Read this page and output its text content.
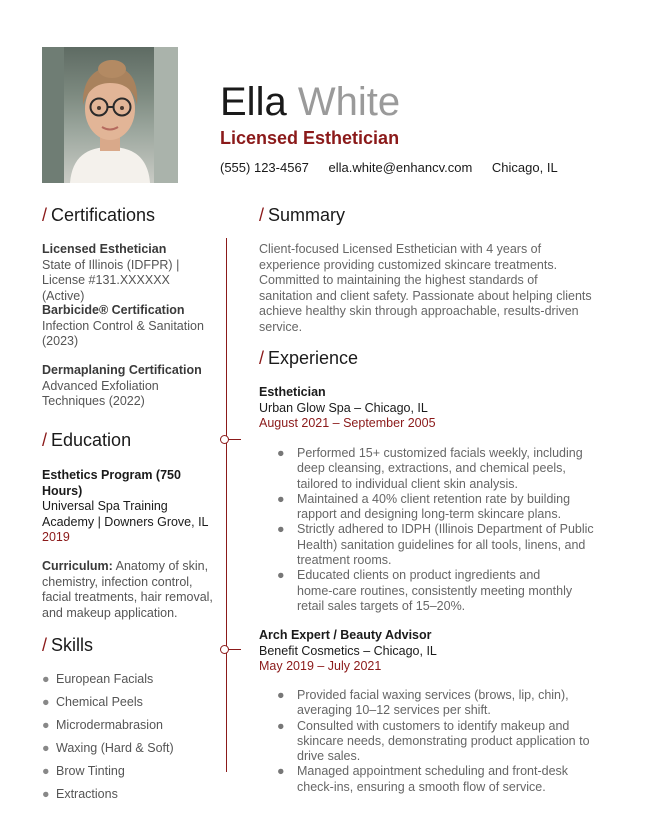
Ella White
Licensed Esthetician
(555) 123-4567 ella.white@enhancv.com Chicago, IL
/ Certifications
Licensed Esthetician
State of Illinois (IDFPR) |
License #131.XXXXXX (Active)
Barbicide® Certification
Infection Control & Sanitation
(2023)
Dermaplaning Certification
Advanced Exfoliation
Techniques (2022)
/ Education
Esthetics Program (750
Hours)
Universal Spa Training
Academy | Downers Grove, IL
2019
Curriculum: Anatomy of skin,
chemistry, infection control,
facial treatments, hair removal,
and makeup application.
/ Skills
● European Facials
● Chemical Peels
● Microdermabrasion
● Waxing (Hard & Soft)
● Brow Tinting
● Extractions
/ Summary
Client-focused Licensed Esthetician with 4 years of
experience providing customized skincare treatments.
Committed to maintaining the highest standards of
sanitation and client safety. Passionate about helping clients
achieve healthy skin through approachable, results-driven
service.
/ Experience
Esthetician
Urban Glow Spa – Chicago, IL
August 2021 – September 2005
● Performed 15+ customized facials weekly, including
deep cleansing, extractions, and chemical peels,
tailored to individual client skin analysis.
● Maintained a 40% client retention rate by building
rapport and designing long-term skincare plans.
● Strictly adhered to IDPH (Illinois Department of Public
Health) sanitation guidelines for all tools, linens, and
treatment rooms.
● Educated clients on product ingredients and
home-care routines, consistently meeting monthly
retail sales targets of 15–20%.
Arch Expert / Beauty Advisor
Benefit Cosmetics – Chicago, IL
May 2019 – July 2021
● Provided facial waxing services (brows, lip, chin),
averaging 10–12 services per shift.
● Consulted with customers to identify makeup and
skincare needs, demonstrating product application to
drive sales.
● Managed appointment scheduling and front-desk
check-ins, ensuring a smooth flow of service.
